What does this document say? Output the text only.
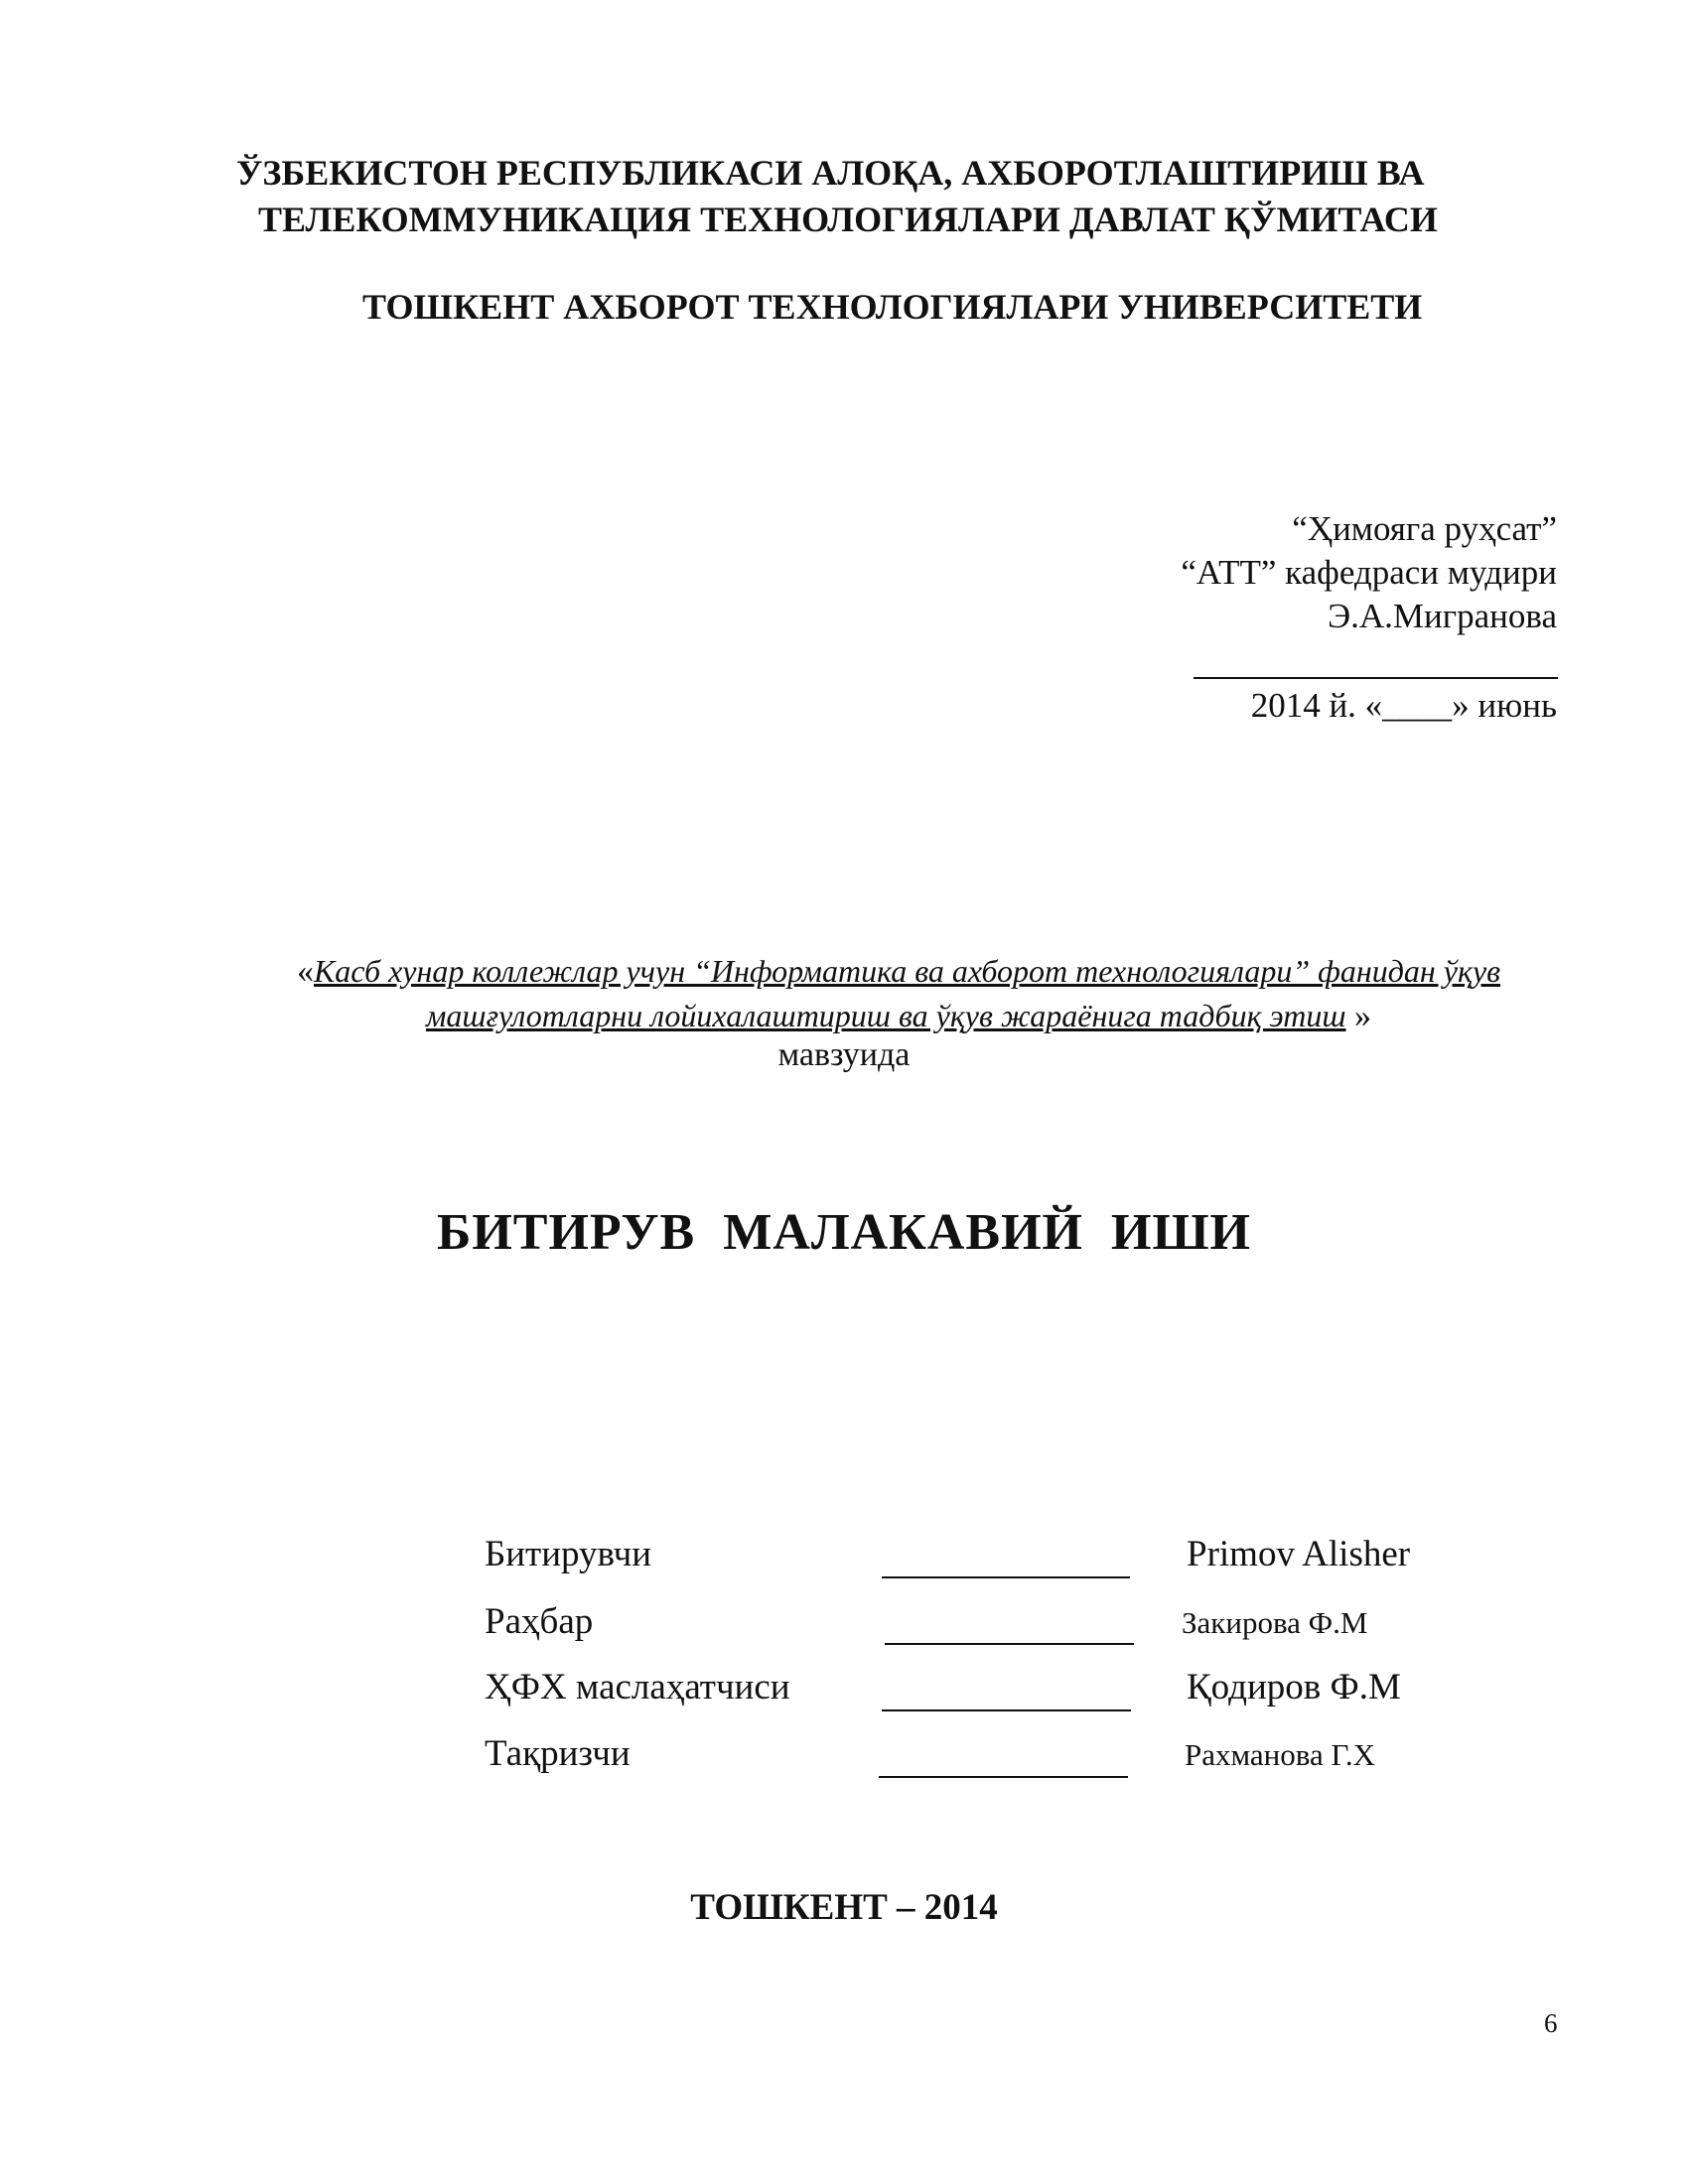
ЎЗБЕКИСТОН РЕСПУБЛИКАСИ АЛОҚА, АХБОРОТЛАШТИРИШ ВА
ТЕЛЕКОММУНИКАЦИЯ ТЕХНОЛОГИЯЛАРИ ДАВЛАТ ҚЎМИТАСИ
ТОШКЕНТ АХБОРОТ ТЕХНОЛОГИЯЛАРИ УНИВЕРСИТЕТИ
“Ҳимояга руҳсат”
“АТТ” кафедраси мудири
Э.А.Мигранова
2014 й. «____» июнь
«Касб хунар коллежлар учун “Информатика ва ахборот технологиялари” фанидан ўқув машғулотларни лойихалаштириш ва ўқув жараёнига тадбиқ этиш »
мавзуида
БИТИРУВ МАЛАКАВИЙ ИШИ
Битирувчи	Primov Alisher
Раҳбар	Закирова Ф.М
ҲФХ маслаҳатчиси	Қодиров Ф.М
Тақризчи	Рахманова Г.Х
ТОШКЕНТ – 2014
6
